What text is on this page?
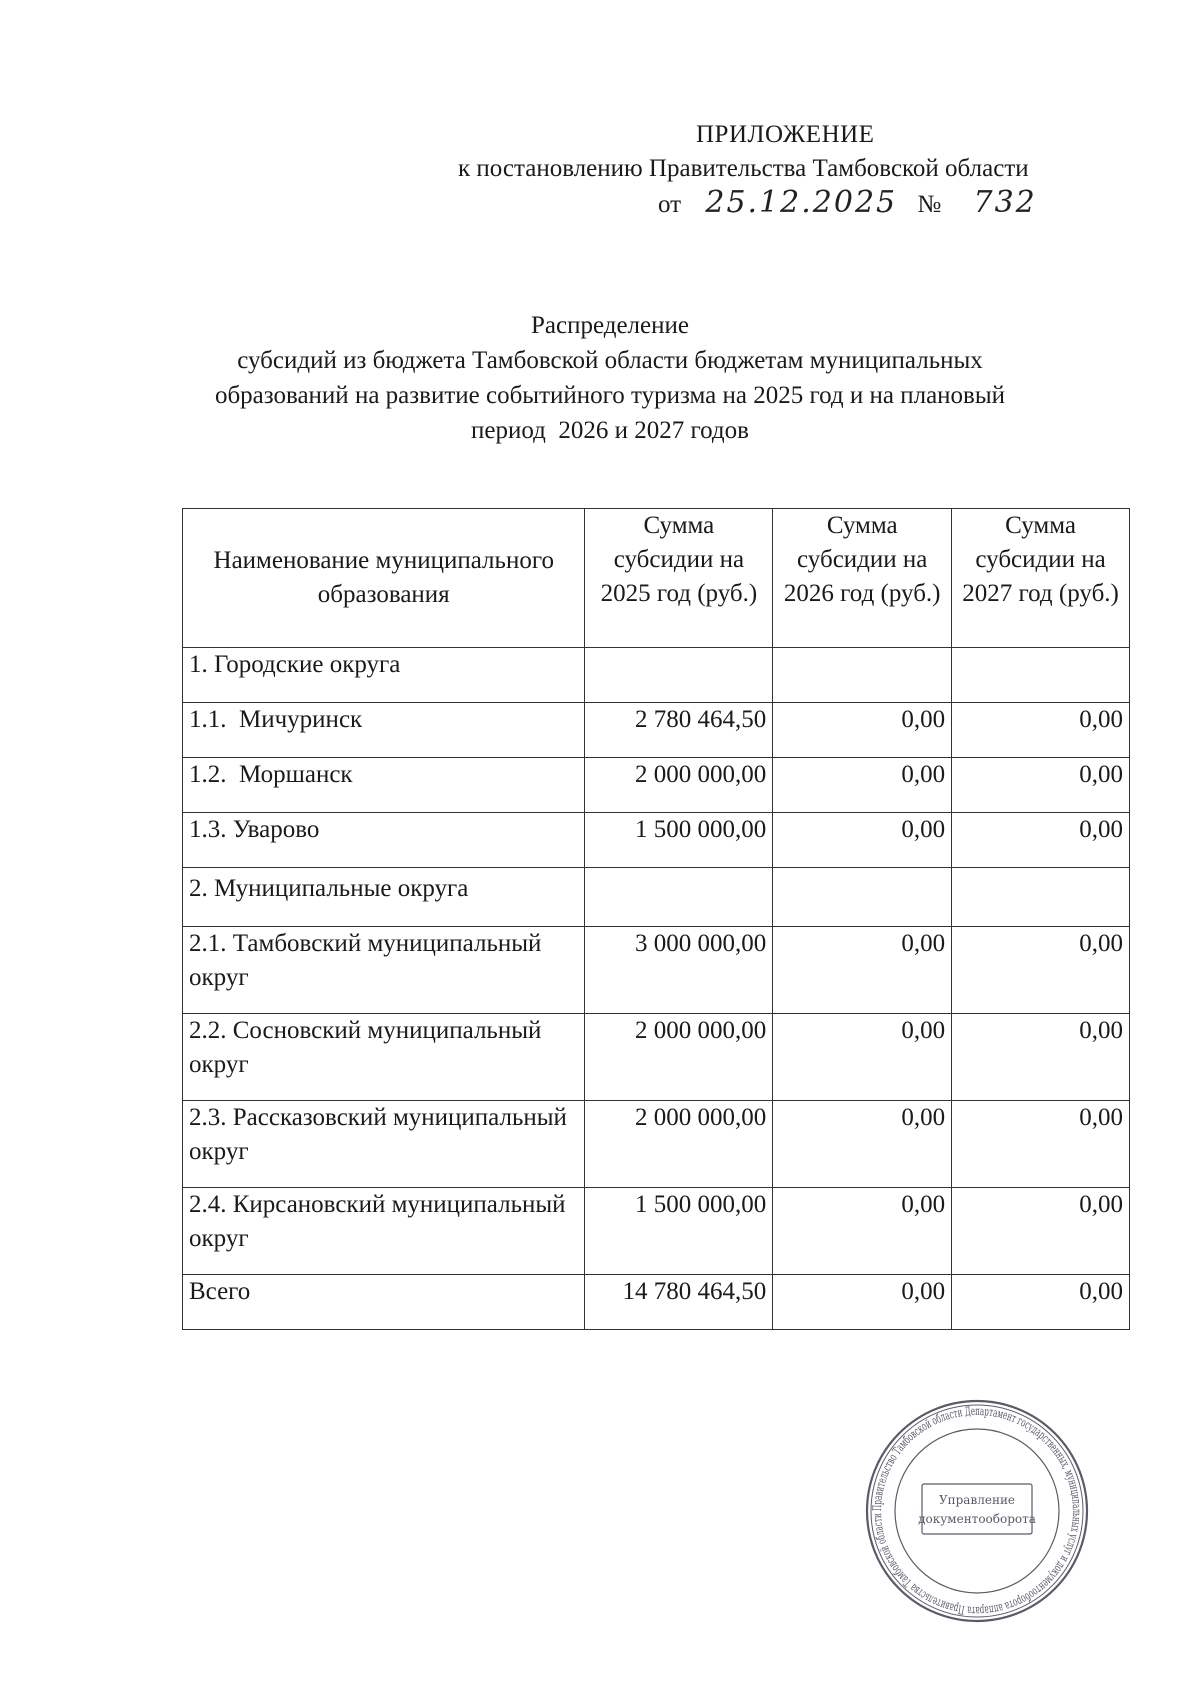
ПРИЛОЖЕНИЕ
к постановлению Правительства Тамбовской области
от 25.12.2025 № 732
Распределение
субсидий из бюджета Тамбовской области бюджетам муниципальных
образований на развитие событийного туризма на 2025 год и на плановый
период  2026 и 2027 годов
Наименование муниципального образования	Сумма субсидии на 2025 год (руб.)	Сумма субсидии на 2026 год (руб.)	Сумма субсидии на 2027 год (руб.)
1. Городские округа			
1.1.  Мичуринск	2 780 464,50	0,00	0,00
1.2.  Моршанск	2 000 000,00	0,00	0,00
1.3. Уварово	1 500 000,00	0,00	0,00
2. Муниципальные округа			
2.1. Тамбовский муниципальный округ	3 000 000,00	0,00	0,00
2.2. Сосновский муниципальный округ	2 000 000,00	0,00	0,00
2.3. Рассказовский муниципальный округ	2 000 000,00	0,00	0,00
2.4. Кирсановский муниципальный округ	1 500 000,00	0,00	0,00
Всего	14 780 464,50	0,00	0,00
Правительство Тамбовской области Департамент государственных, муниципальных услуг и документооборота аппарата Правительства Тамбовской области
Управление
документооборота
